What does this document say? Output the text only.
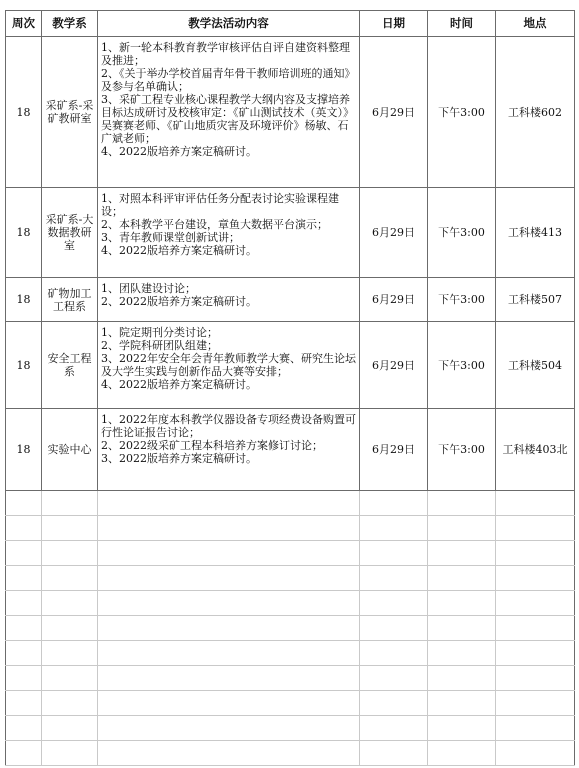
周次	教学系	教学法活动内容	日期	时间	地点
18	采矿系-采矿教研室	1、新一轮本科教育教学审核评估自评自建资料整理及推进；
2、《关于举办学校首届青年骨干教师培训班的通知》及参与名单确认；
3、采矿工程专业核心课程教学大纲内容及支撑培养目标达成研讨及校核审定：《矿山测试技术（英文）》吴赛赛老师、《矿山地质灾害及环境评价》杨敏、石广斌老师；
4、2022版培养方案定稿研讨。	6月29日	下午3:00	工科楼602
18	采矿系-大数据教研室	1、对照本科评审评估任务分配表讨论实验课程建设；
2、本科教学平台建设，章鱼大数据平台演示；
3、青年教师课堂创新试讲；
4、2022版培养方案定稿研讨。	6月29日	下午3:00	工科楼413
18	矿物加工工程系	1、团队建设讨论；
2、2022版培养方案定稿研讨。	6月29日	下午3:00	工科楼507
18	安全工程系	1、院定期刊分类讨论；
2、学院科研团队组建；
3、2022年安全年会青年教师教学大赛、研究生论坛及大学生实践与创新作品大赛等安排；
4、2022版培养方案定稿研讨。	6月29日	下午3:00	工科楼504
18	实验中心	1、2022年度本科教学仪器设备专项经费设备购置可行性论证报告讨论；
2、2022级采矿工程本科培养方案修订讨论；
3、2022版培养方案定稿研讨。	6月29日	下午3:00	工科楼403北
